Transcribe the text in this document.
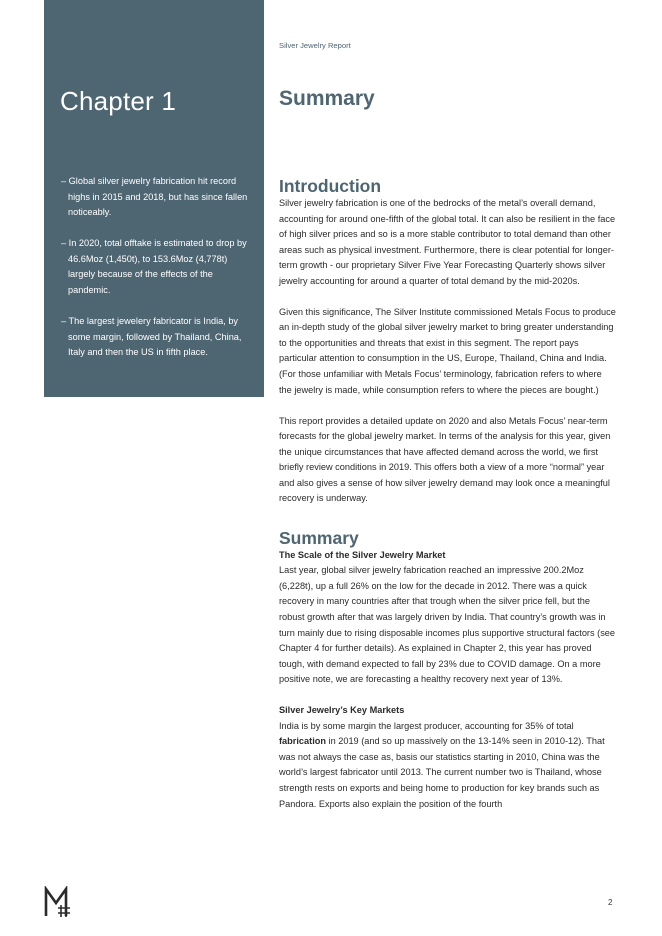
Chapter 1
– Global silver jewelry fabrication hit record highs in 2015 and 2018, but has since fallen noticeably.
– In 2020, total offtake is estimated to drop by 46.6Moz (1,450t), to 153.6Moz (4,778t) largely because of the effects of the pandemic.
– The largest jewelery fabricator is India, by some margin, followed by Thailand, China, Italy and then the US in fifth place.
Silver Jewelry Report
Summary
Introduction

Silver jewelry fabrication is one of the bedrocks of the metal’s overall demand, accounting for around one-fifth of the global total. It can also be resilient in the face of high silver prices and so is a more stable contributor to total demand than other areas such as physical investment. Furthermore, there is clear potential for longer-term growth - our proprietary Silver Five Year Forecasting Quarterly shows silver jewelry accounting for around a quarter of total demand by the mid-2020s.

Given this significance, The Silver Institute commissioned Metals Focus to produce an in-depth study of the global silver jewelry market to bring greater understanding to the opportunities and threats that exist in this segment. The report pays particular attention to consumption in the US, Europe, Thailand, China and India. (For those unfamiliar with Metals Focus’ terminology, fabrication refers to where the jewelry is made, while consumption refers to where the pieces are bought.)

This report provides a detailed update on 2020 and also Metals Focus’ near-term forecasts for the global jewelry market. In terms of the analysis for this year, given the unique circumstances that have affected demand across the world, we first briefly review conditions in 2019. This offers both a view of a more “normal” year and also gives a sense of how silver jewelry demand may look once a meaningful recovery is underway.

Summary

The Scale of the Silver Jewelry Market

Last year, global silver jewelry fabrication reached an impressive 200.2Moz (6,228t), up a full 26% on the low for the decade in 2012. There was a quick recovery in many countries after that trough when the silver price fell, but the robust growth after that was largely driven by India. That country’s growth was in turn mainly due to rising disposable incomes plus supportive structural factors (see Chapter 4 for further details). As explained in Chapter 2, this year has proved tough, with demand expected to fall by 23% due to COVID damage. On a more positive note, we are forecasting a healthy recovery next year of 13%.

Silver Jewelry’s Key Markets

India is by some margin the largest producer, accounting for 35% of total fabrication in 2019 (and so up massively on the 13-14% seen in 2010-12). That was not always the case as, basis our statistics starting in 2010, China was the world’s largest fabricator until 2013. The current number two is Thailand, whose strength rests on exports and being home to production for key brands such as Pandora. Exports also explain the position of the fourth

2
